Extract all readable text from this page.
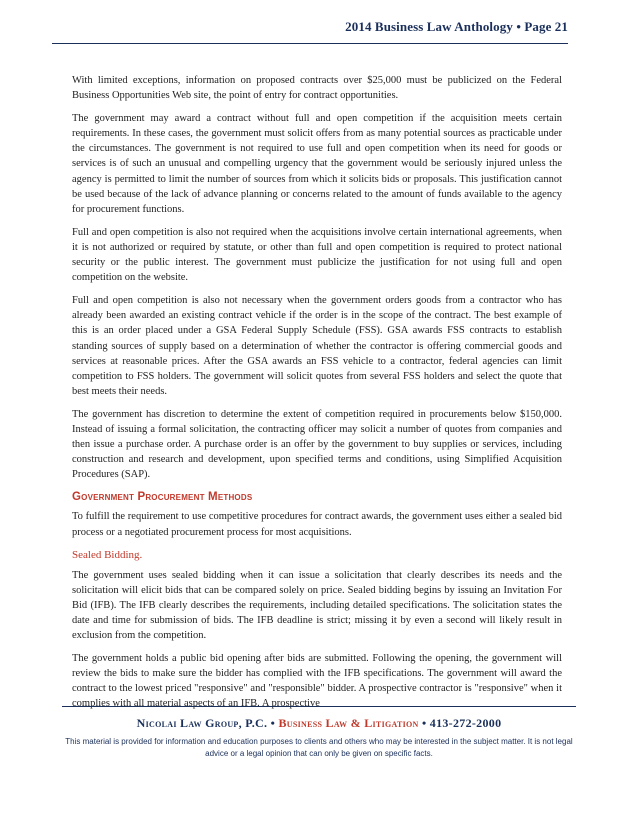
2014 Business Law Anthology • Page 21

With limited exceptions, information on proposed contracts over $25,000 must be publicized on the Federal Business Opportunities Web site, the point of entry for contract opportunities.

The government may award a contract without full and open competition if the acquisition meets certain requirements. In these cases, the government must solicit offers from as many potential sources as practicable under the circumstances. The government is not required to use full and open competition when its need for goods or services is of such an unusual and compelling urgency that the government would be seriously injured unless the agency is permitted to limit the number of sources from which it solicits bids or proposals. This justification cannot be used because of the lack of advance planning or concerns related to the amount of funds available to the agency for procurement functions.

Full and open competition is also not required when the acquisitions involve certain international agreements, when it is not authorized or required by statute, or other than full and open competition is required to protect national security or the public interest. The government must publicize the justification for not using full and open competition on the website.

Full and open competition is also not necessary when the government orders goods from a contractor who has already been awarded an existing contract vehicle if the order is in the scope of the contract. The best example of this is an order placed under a GSA Federal Supply Schedule (FSS). GSA awards FSS contracts to establish standing sources of supply based on a determination of whether the contractor is offering commercial goods and services at reasonable prices. After the GSA awards an FSS vehicle to a contractor, federal agencies can limit competition to FSS holders. The government will solicit quotes from several FSS holders and select the quote that best meets their needs.

The government has discretion to determine the extent of competition required in procurements below $150,000. Instead of issuing a formal solicitation, the contracting officer may solicit a number of quotes from companies and then issue a purchase order. A purchase order is an offer by the government to buy supplies or services, including construction and research and development, upon specified terms and conditions, using Simplified Acquisition Procedures (SAP).

Government Procurement Methods

To fulfill the requirement to use competitive procedures for contract awards, the government uses either a sealed bid process or a negotiated procurement process for most acquisitions.

Sealed Bidding.

The government uses sealed bidding when it can issue a solicitation that clearly describes its needs and the solicitation will elicit bids that can be compared solely on price. Sealed bidding begins by issuing an Invitation For Bid (IFB). The IFB clearly describes the requirements, including detailed specifications. The solicitation states the date and time for submission of bids. The IFB deadline is strict; missing it by even a second will likely result in exclusion from the competition.

The government holds a public bid opening after bids are submitted. Following the opening, the government will review the bids to make sure the bidder has complied with the IFB specifications. The government will award the contract to the lowest priced "responsive" and "responsible" bidder. A prospective contractor is "responsive" when it complies with all material aspects of an IFB. A prospective

Nicolai Law Group, P.C. • Business Law & Litigation • 413-272-2000
This material is provided for information and education purposes to clients and others who may be interested in the subject matter. It is not legal advice or a legal opinion that can only be given on specific facts.
